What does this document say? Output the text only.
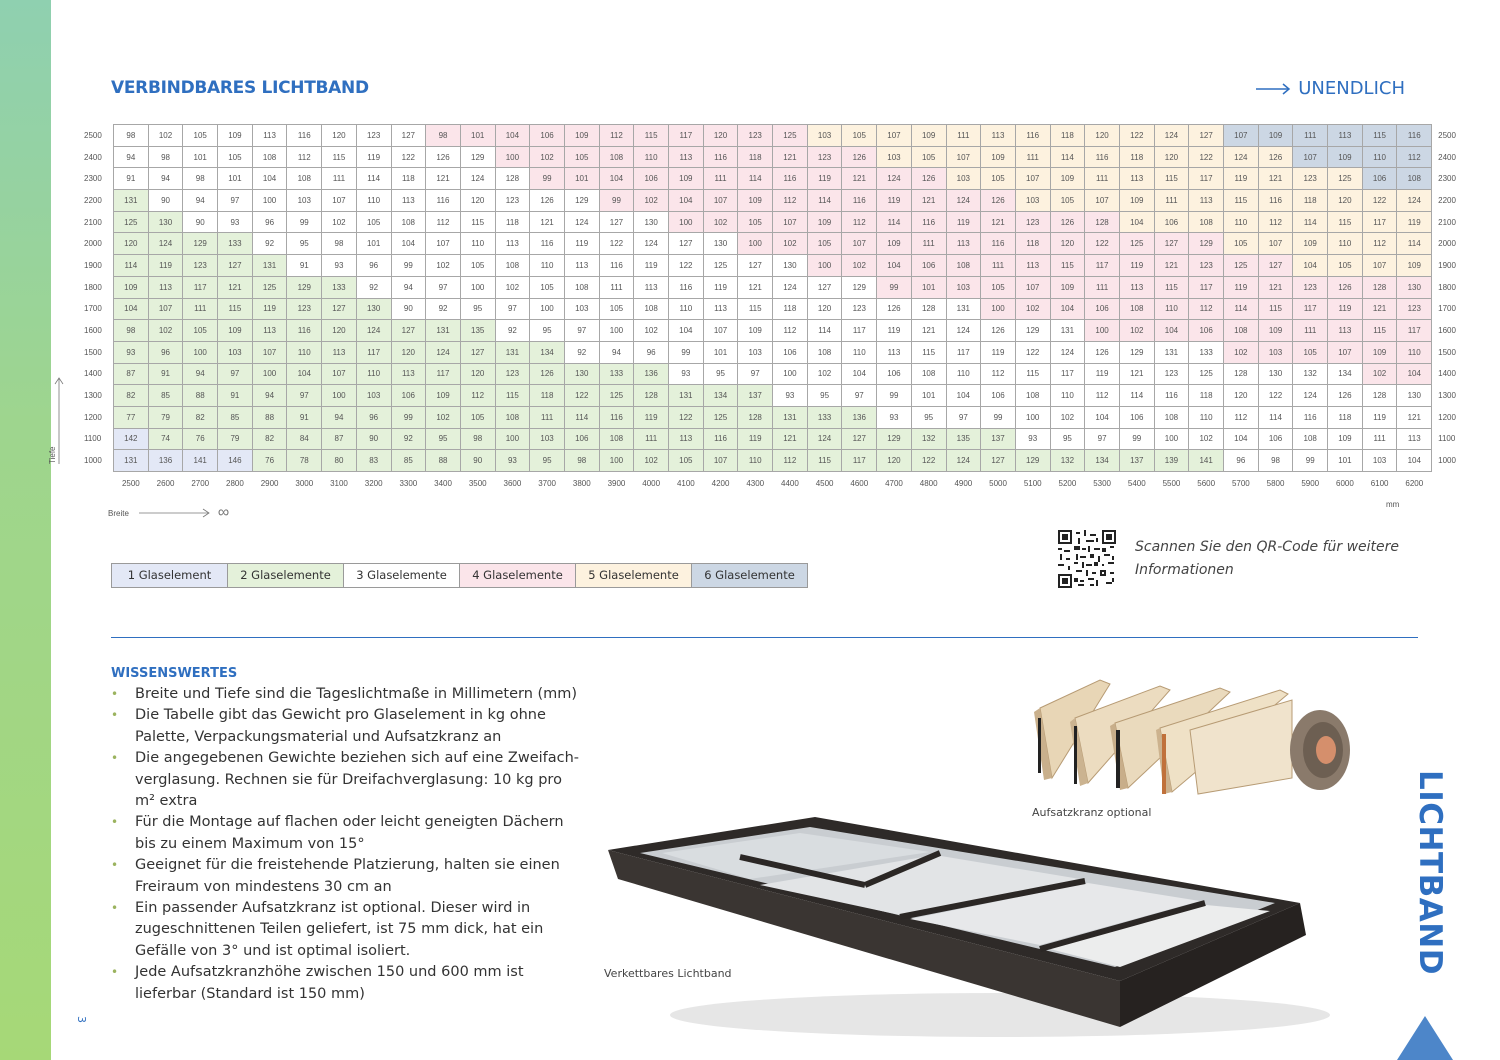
VERBINDBARES LICHTBAND	UNENDLICH
2500	98	102	105	109	113	116	120	123	127	98	101	104	106	109	112	115	117	120	123	125	103	105	107	109	111	113	116	118	120	122	124	127	107	109	111	113	115	116	2500
2400	94	98	101	105	108	112	115	119	122	126	129	100	102	105	108	110	113	116	118	121	123	126	103	105	107	109	111	114	116	118	120	122	124	126	107	109	110	112	2400
2300	91	94	98	101	104	108	111	114	118	121	124	128	99	101	104	106	109	111	114	116	119	121	124	126	103	105	107	109	111	113	115	117	119	121	123	125	106	108	2300
2200	131	90	94	97	100	103	107	110	113	116	120	123	126	129	99	102	104	107	109	112	114	116	119	121	124	126	103	105	107	109	111	113	115	116	118	120	122	124	2200
2100	125	130	90	93	96	99	102	105	108	112	115	118	121	124	127	130	100	102	105	107	109	112	114	116	119	121	123	126	128	104	106	108	110	112	114	115	117	119	2100
2000	120	124	129	133	92	95	98	101	104	107	110	113	116	119	122	124	127	130	100	102	105	107	109	111	113	116	118	120	122	125	127	129	105	107	109	110	112	114	2000
1900	114	119	123	127	131	91	93	96	99	102	105	108	110	113	116	119	122	125	127	130	100	102	104	106	108	111	113	115	117	119	121	123	125	127	104	105	107	109	1900
1800	109	113	117	121	125	129	133	92	94	97	100	102	105	108	111	113	116	119	121	124	127	129	99	101	103	105	107	109	111	113	115	117	119	121	123	126	128	130	1800
1700	104	107	111	115	119	123	127	130	90	92	95	97	100	103	105	108	110	113	115	118	120	123	126	128	131	100	102	104	106	108	110	112	114	115	117	119	121	123	1700
1600	98	102	105	109	113	116	120	124	127	131	135	92	95	97	100	102	104	107	109	112	114	117	119	121	124	126	129	131	100	102	104	106	108	109	111	113	115	117	1600
1500	93	96	100	103	107	110	113	117	120	124	127	131	134	92	94	96	99	101	103	106	108	110	113	115	117	119	122	124	126	129	131	133	102	103	105	107	109	110	1500
1400	87	91	94	97	100	104	107	110	113	117	120	123	126	130	133	136	93	95	97	100	102	104	106	108	110	112	115	117	119	121	123	125	128	130	132	134	102	104	1400
1300	82	85	88	91	94	97	100	103	106	109	112	115	118	122	125	128	131	134	137	93	95	97	99	101	104	106	108	110	112	114	116	118	120	122	124	126	128	130	1300
1200	77	79	82	85	88	91	94	96	99	102	105	108	111	114	116	119	122	125	128	131	133	136	93	95	97	99	100	102	104	106	108	110	112	114	116	118	119	121	1200
1100	142	74	76	79	82	84	87	90	92	95	98	100	103	106	108	111	113	116	119	121	124	127	129	132	135	137	93	95	97	99	100	102	104	106	108	109	111	113	1100
1000	131	136	141	146	76	78	80	83	85	88	90	93	95	98	100	102	105	107	110	112	115	117	120	122	124	127	129	132	134	137	139	141	96	98	99	101	103	104	1000
	2500	2600	2700	2800	2900	3000	3100	3200	3300	3400	3500	3600	3700	3800	3900	4000	4100	4200	4300	4400	4500	4600	4700	4800	4900	5000	5100	5200	5300	5400	5500	5600	5700	5800	5900	6000	6100	6200	
mm
Tiefe
Breite	∞
1 Glaselement	2 Glaselemente	3 Glaselemente	4 Glaselemente	5 Glaselemente	6 Glaselemente
Scannen Sie den QR-Code für weitere Informationen
WISSENSWERTES
• Breite und Tiefe sind die Tageslichtmaße in Millimetern (mm)
• Die Tabelle gibt das Gewicht pro Glaselement in kg ohne Palette, Verpackungsmaterial und Aufsatzkranz an
• Die angegebenen Gewichte beziehen sich auf eine Zweifach-verglasung. Rechnen sie für Dreifachverglasung: 10 kg pro m² extra
• Für die Montage auf flachen oder leicht geneigten Dächern bis zu einem Maximum von 15°
• Geeignet für die freistehende Platzierung, halten sie einen Freiraum von mindestens 30 cm an
• Ein passender Aufsatzkranz ist optional. Dieser wird in zugeschnittenen Teilen geliefert, ist 75 mm dick, hat ein Gefälle von 3° und ist optimal isoliert.
• Jede Aufsatzkranzhöhe zwischen 150 und 600 mm ist lieferbar (Standard ist 150 mm)
Aufsatzkranz optional
Verkettbares Lichtband	LICHTBAND
3
